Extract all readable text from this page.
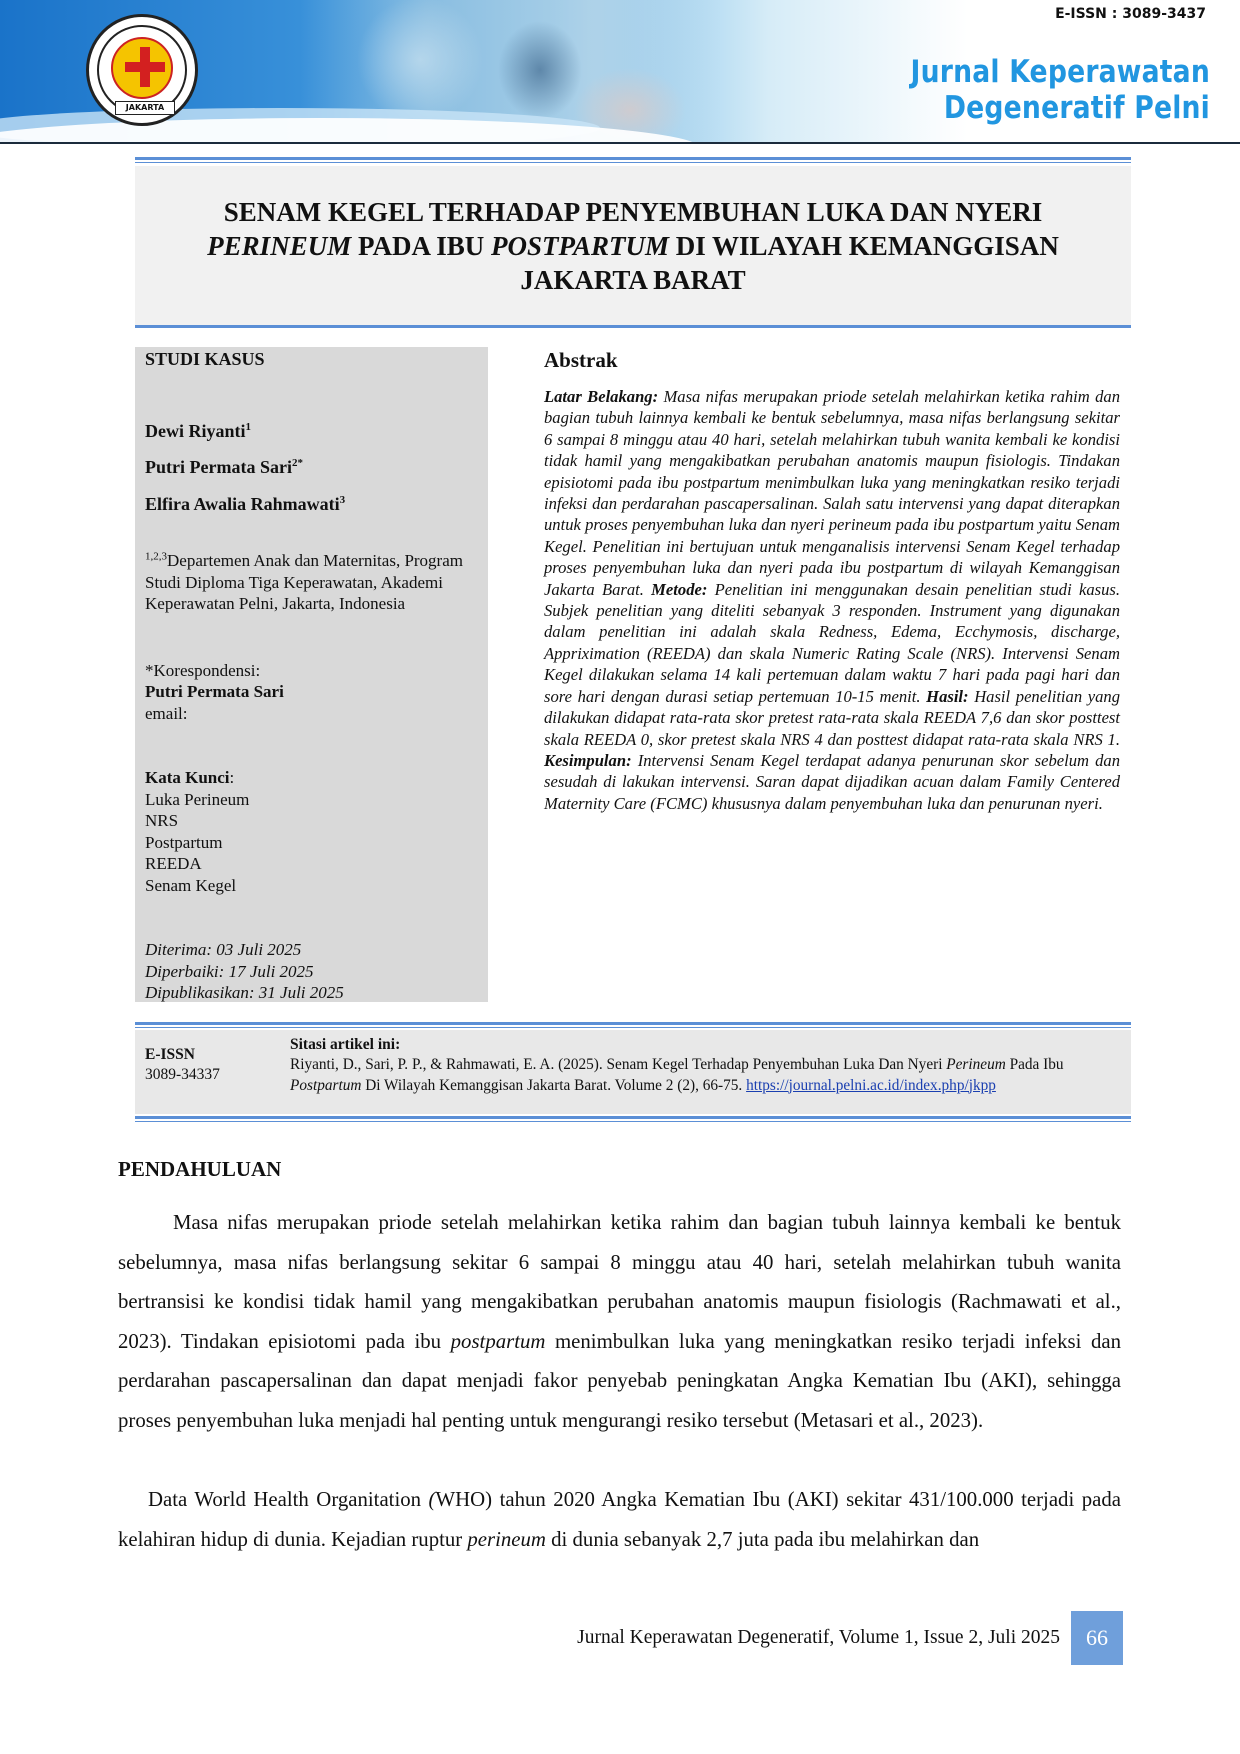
JAKARTA
E-ISSN : 3089-3437
Jurnal Keperawatan Degeneratif Pelni
SENAM KEGEL TERHADAP PENYEMBUHAN LUKA DAN NYERI
PERINEUM PADA IBU POSTPARTUM DI WILAYAH KEMANGGISAN
JAKARTA BARAT
STUDI KASUS
Dewi Riyanti$^1$
Putri Permata Sari$^{2*}$
Elfira Awalia Rahmawati$^3$
$^{1,2,3}$Departemen Anak dan Maternitas, Program Studi Diploma Tiga Keperawatan, Akademi Keperawatan Pelni, Jakarta, Indonesia
*Korespondensi:
Putri Permata Sari
email:
Kata Kunci:
Luka Perineum
NRS
Postpartum
REEDA
Senam Kegel
Diterima: 03 Juli 2025
Diperbaiki: 17 Juli 2025
Dipublikasikan: 31 Juli 2025
Abstrak

Latar Belakang: Masa nifas merupakan priode setelah melahirkan ketika rahim dan bagian tubuh lainnya kembali ke bentuk sebelumnya, masa nifas berlangsung sekitar 6 sampai 8 minggu atau 40 hari, setelah melahirkan tubuh wanita kembali ke kondisi tidak hamil yang mengakibatkan perubahan anatomis maupun fisiologis. Tindakan episiotomi pada ibu postpartum menimbulkan luka yang meningkatkan resiko terjadi infeksi dan perdarahan pascapersalinan. Salah satu intervensi yang dapat diterapkan untuk proses penyembuhan luka dan nyeri perineum pada ibu postpartum yaitu Senam Kegel. Penelitian ini bertujuan untuk menganalisis intervensi Senam Kegel terhadap proses penyembuhan luka dan nyeri pada ibu postpartum di wilayah Kemanggisan Jakarta Barat. Metode: Penelitian ini menggunakan desain penelitian studi kasus. Subjek penelitian yang diteliti sebanyak 3 responden. Instrument yang digunakan dalam penelitian ini adalah skala Redness, Edema, Ecchymosis, discharge, Appriximation (REEDA) dan skala Numeric Rating Scale (NRS). Intervensi Senam Kegel dilakukan selama 14 kali pertemuan dalam waktu 7 hari pada pagi hari dan sore hari dengan durasi setiap pertemuan 10-15 menit. Hasil: Hasil penelitian yang dilakukan didapat rata-rata skor pretest rata-rata skala REEDA 7,6 dan skor posttest skala REEDA 0, skor pretest skala NRS 4 dan posttest didapat rata-rata skala NRS 1. Kesimpulan: Intervensi Senam Kegel terdapat adanya penurunan skor sebelum dan sesudah di lakukan intervensi. Saran dapat dijadikan acuan dalam Family Centered Maternity Care (FCMC) khususnya dalam penyembuhan luka dan penurunan nyeri.

E-ISSN
3089-34337
Sitasi artikel ini:

Riyanti, D., Sari, P. P., & Rahmawati, E. A. (2025). Senam Kegel Terhadap Penyembuhan Luka Dan Nyeri Perineum Pada Ibu Postpartum Di Wilayah Kemanggisan Jakarta Barat. Volume 2 (2), 66-75. https://journal.pelni.ac.id/index.php/jkpp

PENDAHULUAN

Masa nifas merupakan priode setelah melahirkan ketika rahim dan bagian tubuh lainnya kembali ke bentuk sebelumnya, masa nifas berlangsung sekitar 6 sampai 8 minggu atau 40 hari, setelah melahirkan tubuh wanita bertransisi ke kondisi tidak hamil yang mengakibatkan perubahan anatomis maupun fisiologis (Rachmawati et al., 2023). Tindakan episiotomi pada ibu postpartum menimbulkan luka yang meningkatkan resiko terjadi infeksi dan perdarahan pascapersalinan dan dapat menjadi fakor penyebab peningkatan Angka Kematian Ibu (AKI), sehingga proses penyembuhan luka menjadi hal penting untuk mengurangi resiko tersebut (Metasari et al., 2023).

Data World Health Organitation (WHO) tahun 2020 Angka Kematian Ibu (AKI) sekitar 431/100.000 terjadi pada kelahiran hidup di dunia. Kejadian ruptur perineum di dunia sebanyak 2,7 juta pada ibu melahirkan dan

Jurnal Keperawatan Degeneratif, Volume 1, Issue 2, Juli 2025	66
